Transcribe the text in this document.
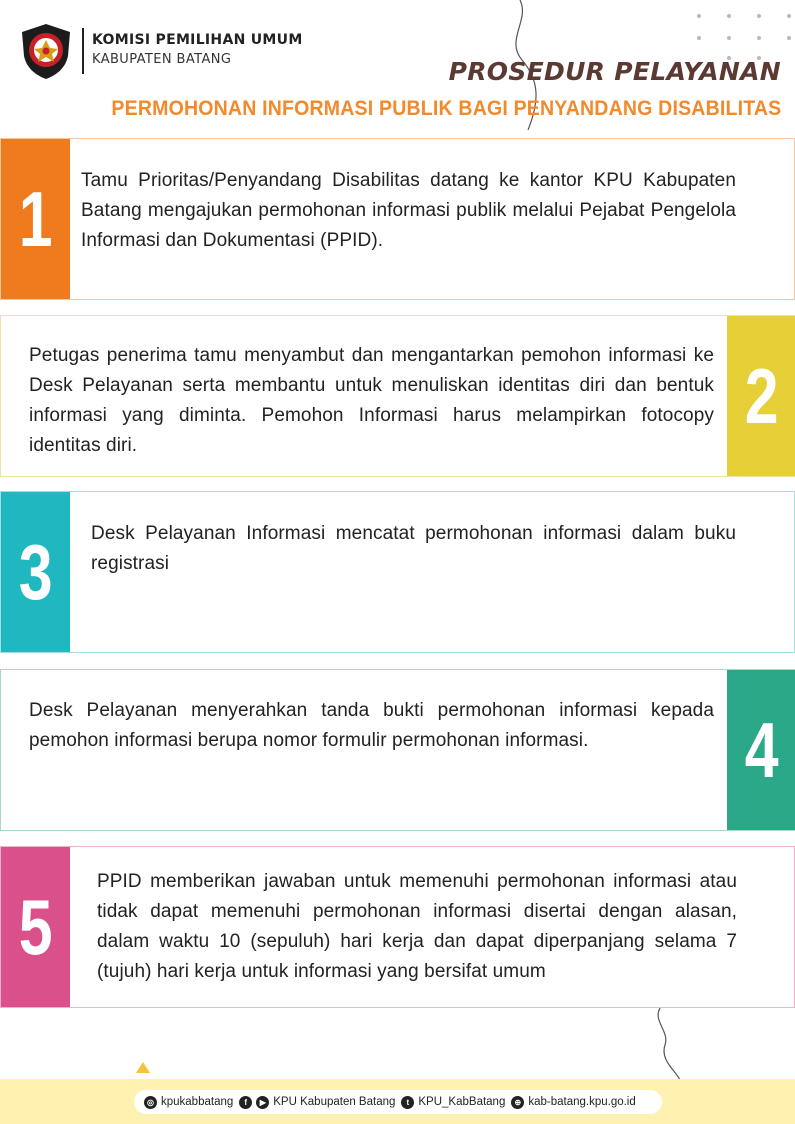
KOMISI PEMILIHAN UMUM
KABUPATEN BATANG	PROSEDUR PELAYANAN
PERMOHONAN INFORMASI PUBLIK BAGI PENYANDANG DISABILITAS
1 Tamu Prioritas/Penyandang Disabilitas datang ke kantor KPU Kabupaten Batang mengajukan permohonan informasi publik melalui Pejabat Pengelola Informasi dan Dokumentasi (PPID).
2
Petugas penerima tamu menyambut dan mengantarkan pemohon informasi ke Desk Pelayanan serta membantu untuk menuliskan identitas diri dan bentuk informasi yang diminta. Pemohon Informasi harus melampirkan fotocopy identitas diri.
3 Desk Pelayanan Informasi mencatat permohonan informasi dalam buku registrasi
4
Desk Pelayanan menyerahkan tanda bukti permohonan informasi kepada pemohon informasi berupa nomor formulir permohonan informasi.
5
PPID memberikan jawaban untuk memenuhi permohonan informasi atau tidak dapat memenuhi permohonan informasi disertai dengan alasan, dalam waktu 10 (sepuluh) hari kerja dan dapat diperpanjang selama 7 (tujuh) hari kerja untuk informasi yang bersifat umum
◎ kpukabbatang	f	▶ KPU Kabupaten Batang	t KPU_KabBatang	⊕ kab-batang.kpu.go.id
